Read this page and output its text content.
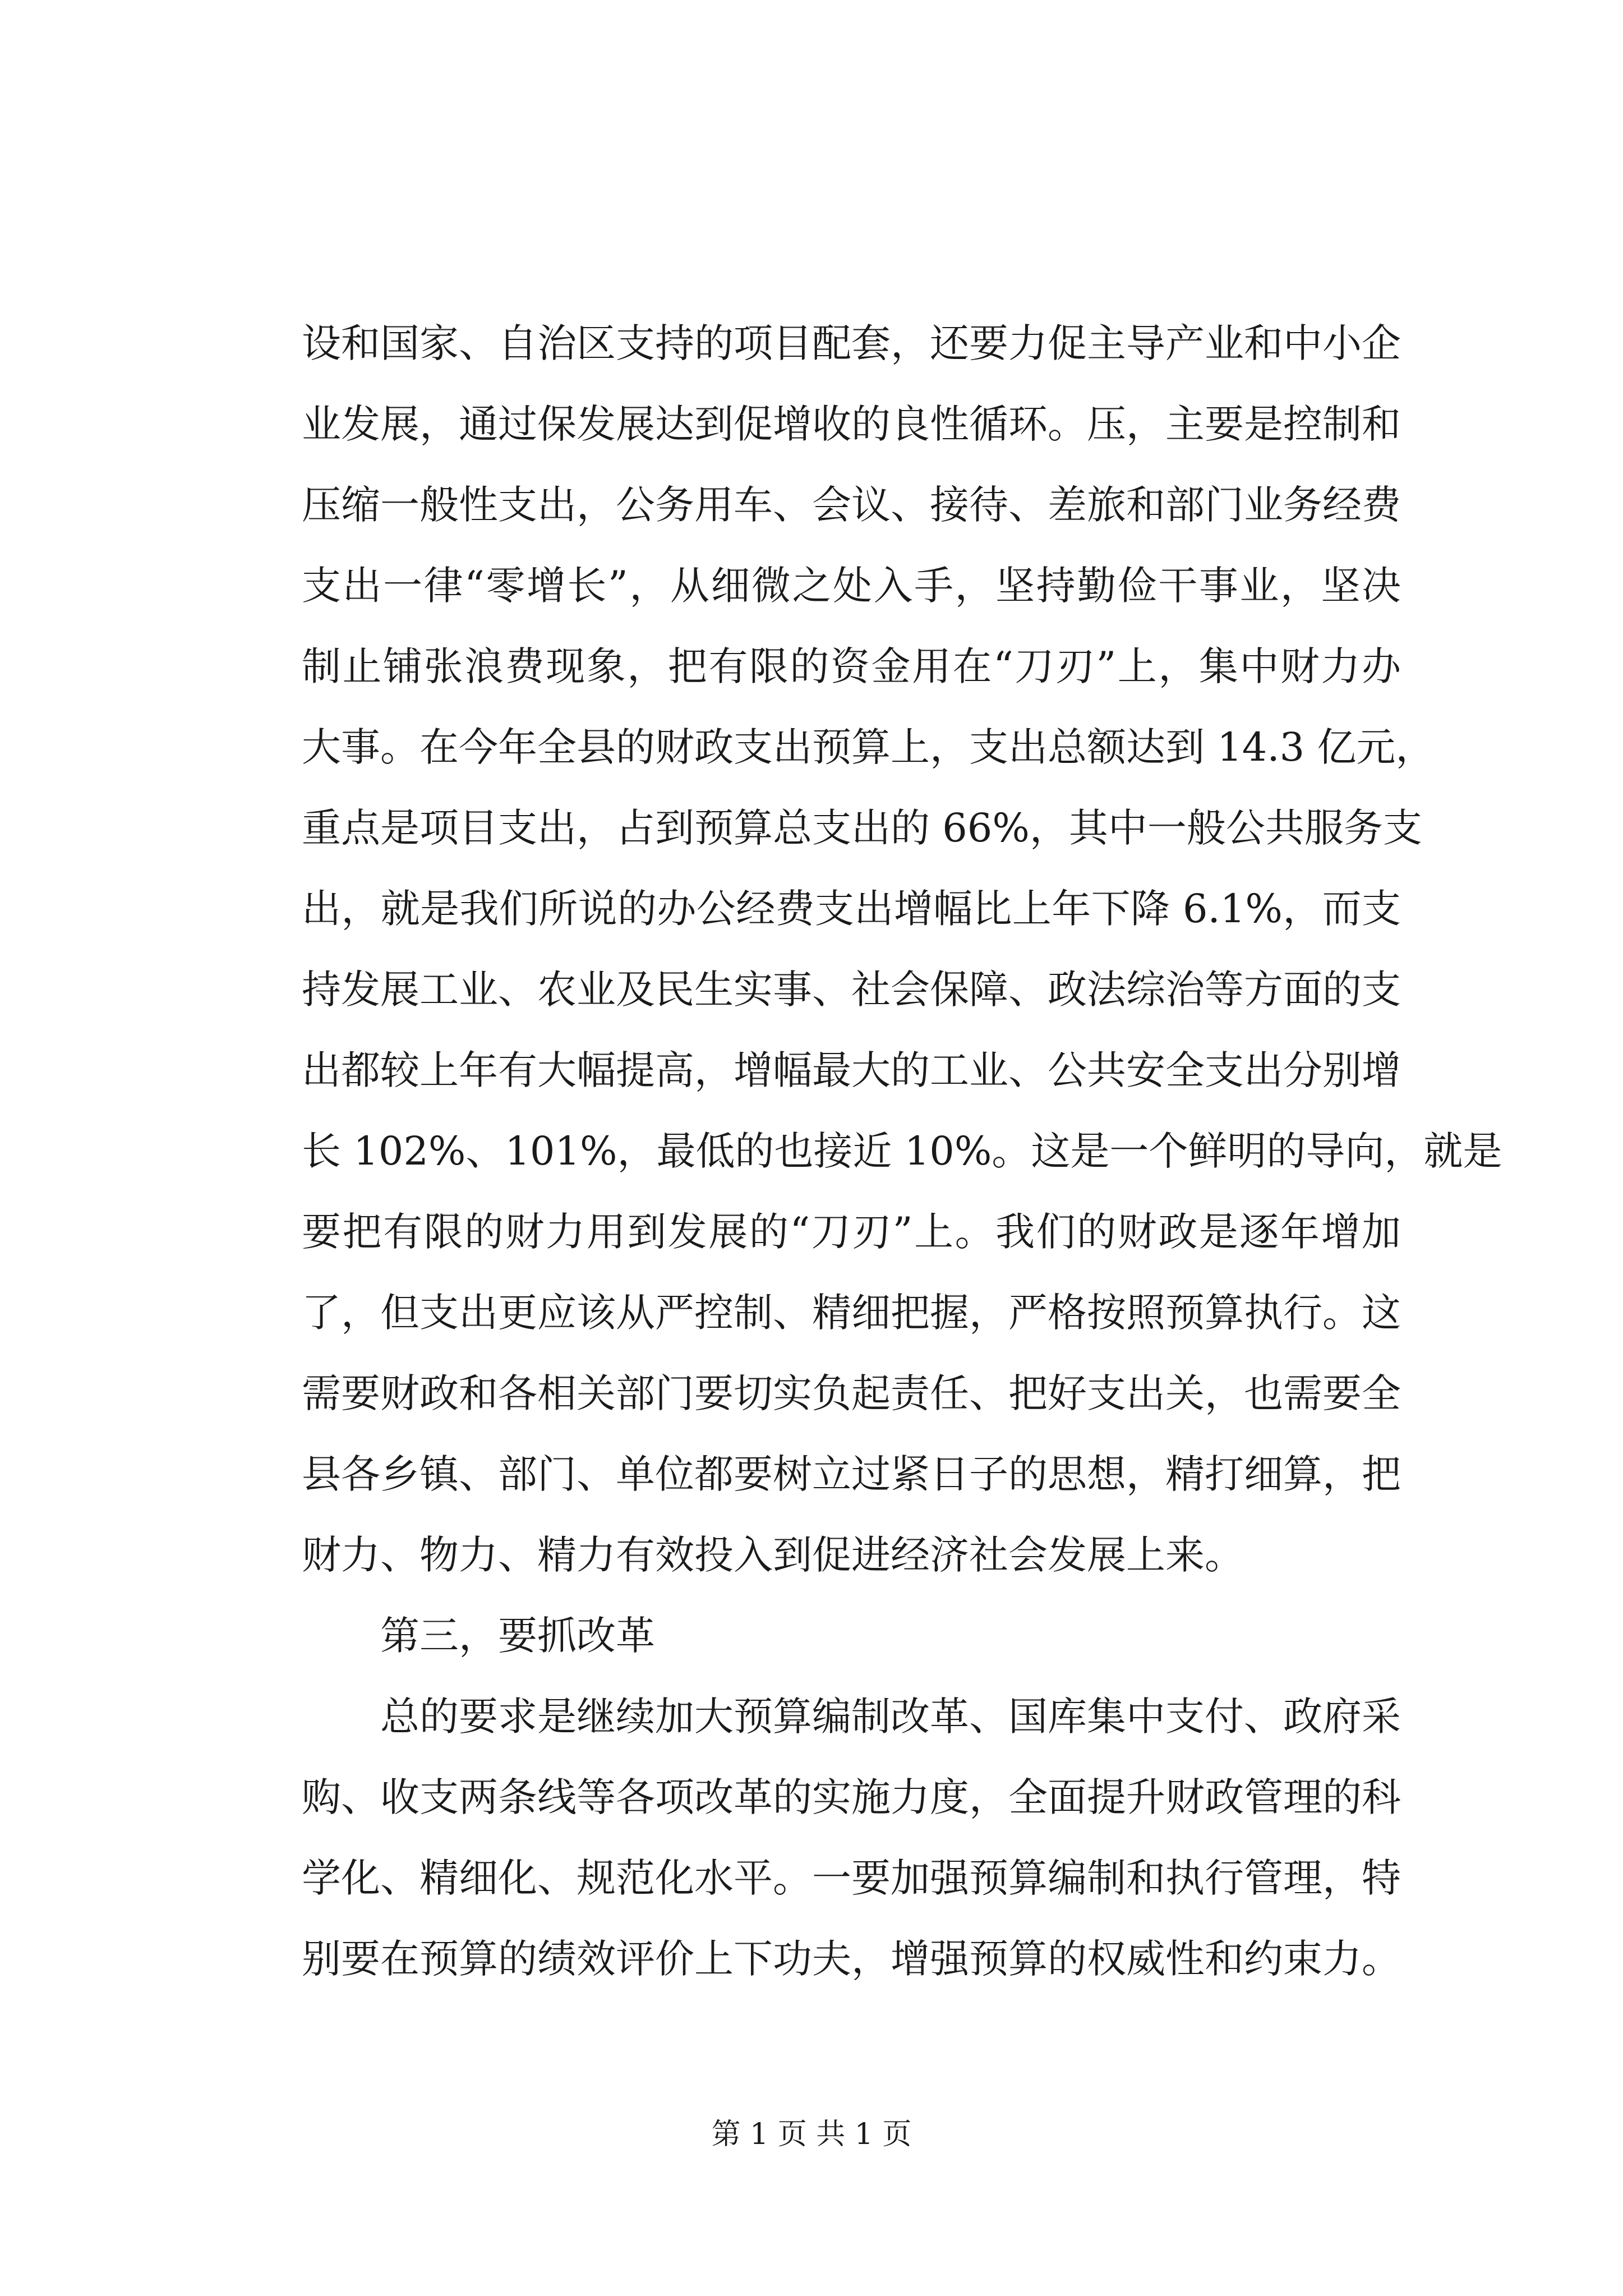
设和国家、自治区支持的项目配套，还要力促主导产业和中小企
业发展，通过保发展达到促增收的良性循环。压，主要是控制和
压缩一般性支出，公务用车、会议、接待、差旅和部门业务经费
支出一律“零增长”，从细微之处入手，坚持勤俭干事业，坚决
制止铺张浪费现象，把有限的资金用在“刀刃”上，集中财力办
大事。在今年全县的财政支出预算上，支出总额达到 14.3 亿元，
重点是项目支出，占到预算总支出的 66%，其中一般公共服务支
出，就是我们所说的办公经费支出增幅比上年下降 6.1%，而支
持发展工业、农业及民生实事、社会保障、政法综治等方面的支
出都较上年有大幅提高，增幅最大的工业、公共安全支出分别增
长 102%、101%，最低的也接近 10%。这是一个鲜明的导向，就是
要把有限的财力用到发展的“刀刃”上。我们的财政是逐年增加
了，但支出更应该从严控制、精细把握，严格按照预算执行。这
需要财政和各相关部门要切实负起责任、把好支出关，也需要全
县各乡镇、部门、单位都要树立过紧日子的思想，精打细算，把
财力、物力、精力有效投入到促进经济社会发展上来。
第三，要抓改革
总的要求是继续加大预算编制改革、国库集中支付、政府采
购、收支两条线等各项改革的实施力度，全面提升财政管理的科
学化、精细化、规范化水平。一要加强预算编制和执行管理，特
别要在预算的绩效评价上下功夫，增强预算的权威性和约束力。
第 1 页 共 1 页
